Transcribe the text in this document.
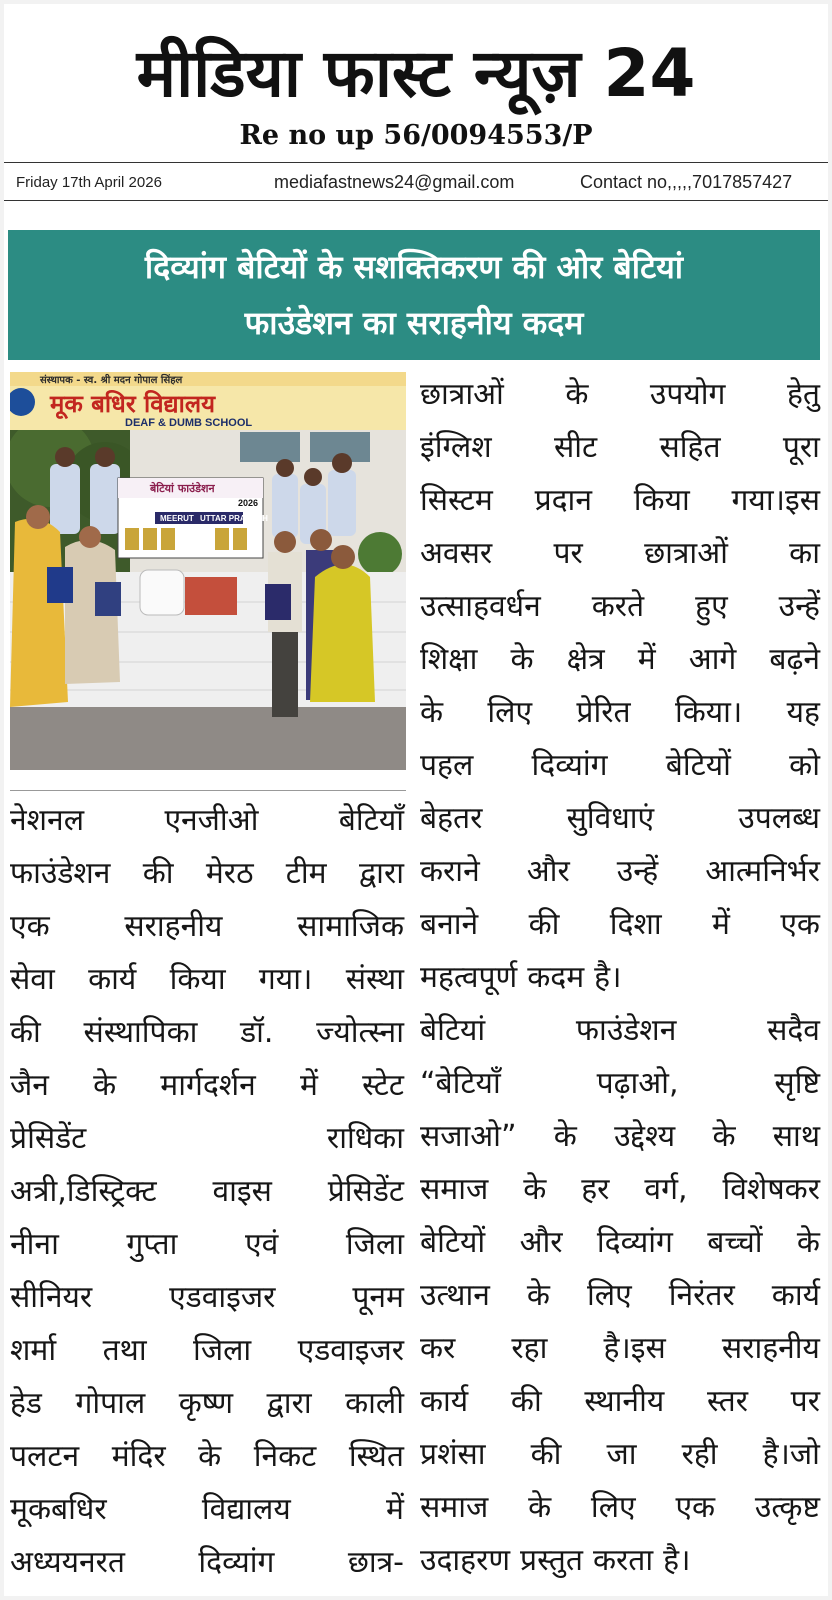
मीडिया फास्ट न्यूज़ 24
Re no up 56/0094553/P
Friday 17th April 2026	mediafastnews24@gmail.com	Contact no,,,,,7017857427
दिव्यांग बेटियों के सशक्तिकरण की ओर बेटियां
फाउंडेशन का सराहनीय कदम
संस्थापक - स्व. श्री मदन गोपाल सिंहल
मूक बधिर विद्यालय
DEAF & DUMB SCHOOL
बेटियां फाउंडेशन
2026
MEERUT UTTAR PRADESH
नेशनल	एनजीओ	बेटियाँ
फाउंडेशन की मेरठ टीम द्वारा
एक सराहनीय सामाजिक
सेवा कार्य किया गया। संस्था
की संस्थापिका डॉ. ज्योत्स्ना
जैन के मार्गदर्शन में स्टेट
प्रेसिडेंट	राधिका
अत्री,डिस्ट्रिक्ट वाइस प्रेसिडेंट
नीना गुप्ता एवं जिला
सीनियर	एडवाइजर	पूनम
शर्मा तथा जिला एडवाइजर
हेड गोपाल कृष्ण द्वारा काली
पलटन मंदिर के निकट स्थित
मूकबधिर	विद्यालय	में
अध्ययनरत दिव्यांग छात्र-
छात्राओं के उपयोग हेतु
इंग्लिश सीट सहित पूरा
सिस्टम प्रदान किया गया।इस
अवसर पर छात्राओं का
उत्साहवर्धन करते हुए उन्हें
शिक्षा के क्षेत्र में आगे बढ़ने
के लिए प्रेरित किया। यह
पहल दिव्यांग बेटियों को
बेहतर	सुविधाएं	उपलब्ध
कराने और उन्हें आत्मनिर्भर
बनाने की दिशा में एक
महत्वपूर्ण कदम है।
बेटियां	फाउंडेशन	सदैव
“बेटियाँ	पढ़ाओ,	सृष्टि
सजाओ” के उद्देश्य के साथ
समाज के हर वर्ग, विशेषकर
बेटियों और दिव्यांग बच्चों के
उत्थान के लिए निरंतर कार्य
कर रहा है।इस सराहनीय
कार्य की स्थानीय स्तर पर
प्रशंसा की जा रही है।जो
समाज के लिए एक उत्कृष्ट
उदाहरण प्रस्तुत करता है।
